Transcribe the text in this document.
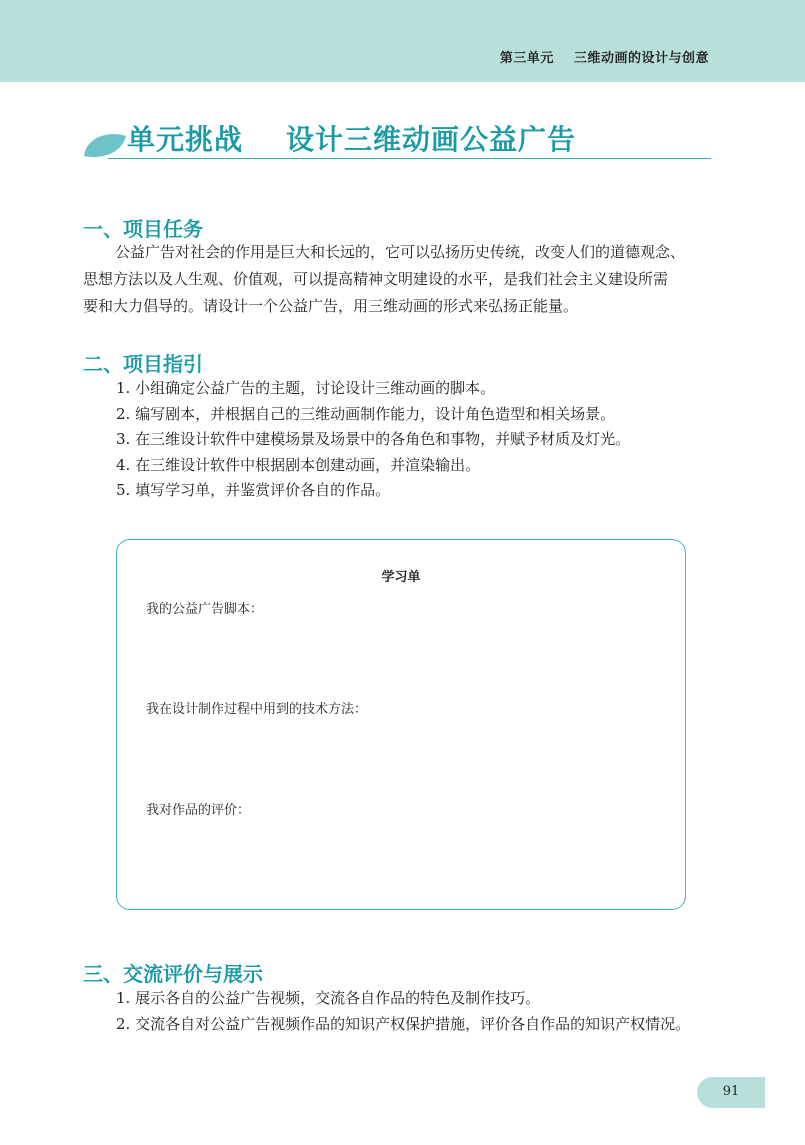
第三单元    三维动画的设计与创意
单元挑战    设计三维动画公益广告
一、项目任务
公益广告对社会的作用是巨大和长远的，它可以弘扬历史传统，改变人们的道德观念、
思想方法以及人生观、价值观，可以提高精神文明建设的水平，是我们社会主义建设所需
要和大力倡导的。请设计一个公益广告，用三维动画的形式来弘扬正能量。
二、项目指引
1. 小组确定公益广告的主题，讨论设计三维动画的脚本。
2. 编写剧本，并根据自己的三维动画制作能力，设计角色造型和相关场景。
3. 在三维设计软件中建模场景及场景中的各角色和事物，并赋予材质及灯光。
4. 在三维设计软件中根据剧本创建动画，并渲染输出。
5. 填写学习单，并鉴赏评价各自的作品。
学习单
我的公益广告脚本：
我在设计制作过程中用到的技术方法：
我对作品的评价：
三、交流评价与展示
1. 展示各自的公益广告视频，交流各自作品的特色及制作技巧。
2. 交流各自对公益广告视频作品的知识产权保护措施，评价各自作品的知识产权情况。
91
